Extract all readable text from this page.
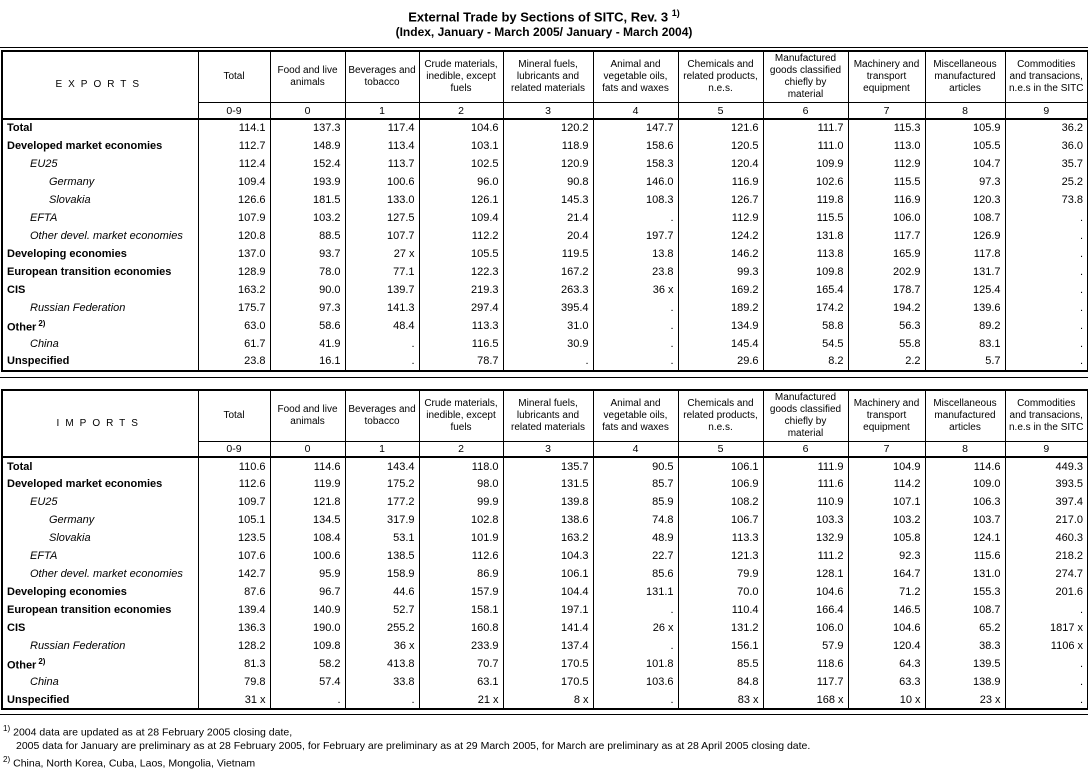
External Trade by Sections of SITC, Rev. 3 $^{1)}$
(Index, January - March 2005/ January - March 2004)
EXPORTS	Total	Food and live animals	Beverages and tobacco	Crude materials, inedible, except fuels	Mineral fuels, lubricants and related materials	Animal and vegetable oils, fats and waxes	Chemicals and related products, n.e.s.	Manufactured goods classified chiefly by material	Machinery and transport equipment	Miscellaneous manufactured articles	Commodities and transacions, n.e.s in the SITC
	0-9	0	1	2	3	4	5	6	7	8	9
Total	114.1	137.3	117.4	104.6	120.2	147.7	121.6	111.7	115.3	105.9	36.2
Developed market economies	112.7	148.9	113.4	103.1	118.9	158.6	120.5	111.0	113.0	105.5	36.0
EU25	112.4	152.4	113.7	102.5	120.9	158.3	120.4	109.9	112.9	104.7	35.7
Germany	109.4	193.9	100.6	96.0	90.8	146.0	116.9	102.6	115.5	97.3	25.2
Slovakia	126.6	181.5	133.0	126.1	145.3	108.3	126.7	119.8	116.9	120.3	73.8
EFTA	107.9	103.2	127.5	109.4	21.4	.	112.9	115.5	106.0	108.7	.
Other devel. market economies	120.8	88.5	107.7	112.2	20.4	197.7	124.2	131.8	117.7	126.9	.
Developing economies	137.0	93.7	27 x	105.5	119.5	13.8	146.2	113.8	165.9	117.8	.
European transition economies	128.9	78.0	77.1	122.3	167.2	23.8	99.3	109.8	202.9	131.7	.
CIS	163.2	90.0	139.7	219.3	263.3	36 x	169.2	165.4	178.7	125.4	.
Russian Federation	175.7	97.3	141.3	297.4	395.4	.	189.2	174.2	194.2	139.6	.
Other $^{2)}$	63.0	58.6	48.4	113.3	31.0	.	134.9	58.8	56.3	89.2	.
China	61.7	41.9	.	116.5	30.9	.	145.4	54.5	55.8	83.1	.
Unspecified	23.8	16.1	.	78.7	.	.	29.6	8.2	2.2	5.7	.
IMPORTS	Total	Food and live animals	Beverages and tobacco	Crude materials, inedible, except fuels	Mineral fuels, lubricants and related materials	Animal and vegetable oils, fats and waxes	Chemicals and related products, n.e.s.	Manufactured goods classified chiefly by material	Machinery and transport equipment	Miscellaneous manufactured articles	Commodities and transacions, n.e.s in the SITC
	0-9	0	1	2	3	4	5	6	7	8	9
Total	110.6	114.6	143.4	118.0	135.7	90.5	106.1	111.9	104.9	114.6	449.3
Developed market economies	112.6	119.9	175.2	98.0	131.5	85.7	106.9	111.6	114.2	109.0	393.5
EU25	109.7	121.8	177.2	99.9	139.8	85.9	108.2	110.9	107.1	106.3	397.4
Germany	105.1	134.5	317.9	102.8	138.6	74.8	106.7	103.3	103.2	103.7	217.0
Slovakia	123.5	108.4	53.1	101.9	163.2	48.9	113.3	132.9	105.8	124.1	460.3
EFTA	107.6	100.6	138.5	112.6	104.3	22.7	121.3	111.2	92.3	115.6	218.2
Other devel. market economies	142.7	95.9	158.9	86.9	106.1	85.6	79.9	128.1	164.7	131.0	274.7
Developing economies	87.6	96.7	44.6	157.9	104.4	131.1	70.0	104.6	71.2	155.3	201.6
European transition economies	139.4	140.9	52.7	158.1	197.1	.	110.4	166.4	146.5	108.7	.
CIS	136.3	190.0	255.2	160.8	141.4	26 x	131.2	106.0	104.6	65.2	1817 x
Russian Federation	128.2	109.8	36 x	233.9	137.4	.	156.1	57.9	120.4	38.3	1106 x
Other $^{2)}$	81.3	58.2	413.8	70.7	170.5	101.8	85.5	118.6	64.3	139.5	.
China	79.8	57.4	33.8	63.1	170.5	103.6	84.8	117.7	63.3	138.9	.
Unspecified	31 x	.	.	21 x	8 x	.	83 x	168 x	10 x	23 x	.
$^{1)}$ 2004 data are updated as at 28 February 2005 closing date,
2005 data for January are preliminary as at 28 February 2005, for February are preliminary as at 29 March 2005, for March are preliminary as at 28 April 2005 closing date.
$^{2)}$ China, North Korea, Cuba, Laos, Mongolia, Vietnam
